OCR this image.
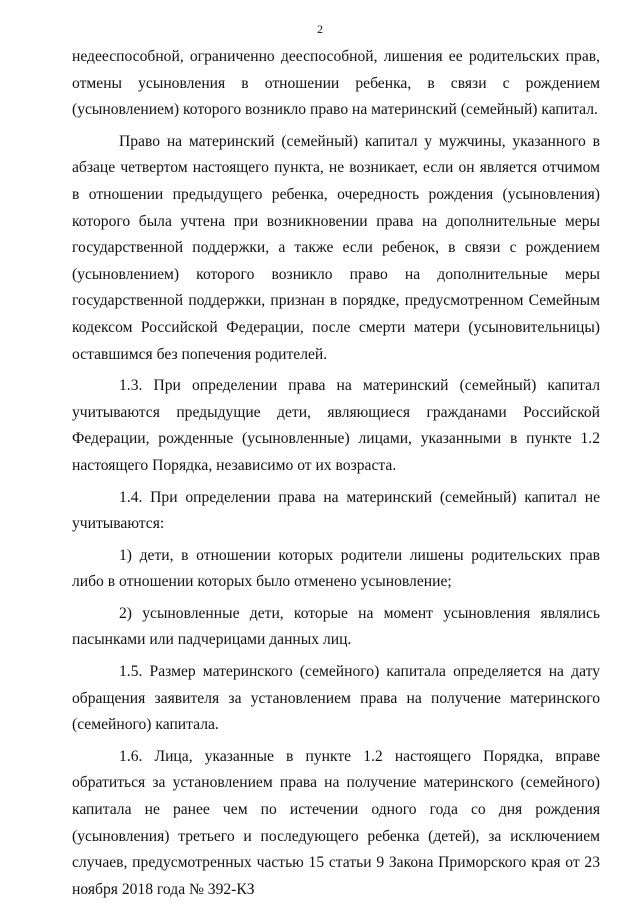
2

недееспособной, ограниченно дееспособной, лишения ее родительских прав, отмены усыновления в отношении ребенка, в связи с рождением (усыновлением) которого возникло право на материнский (семейный) капитал.

Право на материнский (семейный) капитал у мужчины, указанного в абзаце четвертом настоящего пункта, не возникает, если он является отчимом в отношении предыдущего ребенка, очередность рождения (усыновления) которого была учтена при возникновении права на дополнительные меры государственной поддержки, а также если ребенок, в связи с рождением (усыновлением) которого возникло право на дополнительные меры государственной поддержки, признан в порядке, предусмотренном Семейным кодексом Российской Федерации, после смерти матери (усыновительницы) оставшимся без попечения родителей.

1.3. При определении права на материнский (семейный) капитал учитываются предыдущие дети, являющиеся гражданами Российской Федерации, рожденные (усыновленные) лицами, указанными в пункте 1.2 настоящего Порядка, независимо от их возраста.

1.4. При определении права на материнский (семейный) капитал не учитываются:

1) дети, в отношении которых родители лишены родительских прав либо в отношении которых было отменено усыновление;

2) усыновленные дети, которые на момент усыновления являлись пасынками или падчерицами данных лиц.

1.5. Размер материнского (семейного) капитала определяется на дату обращения заявителя за установлением права на получение материнского (семейного) капитала.

1.6. Лица, указанные в пункте 1.2 настоящего Порядка, вправе обратиться за установлением права на получение материнского (семейного) капитала не ранее чем по истечении одного года со дня рождения (усыновления) третьего и последующего ребенка (детей), за исключением случаев, предусмотренных частью 15 статьи 9 Закона Приморского края от 23 ноября 2018 года № 392-КЗ
